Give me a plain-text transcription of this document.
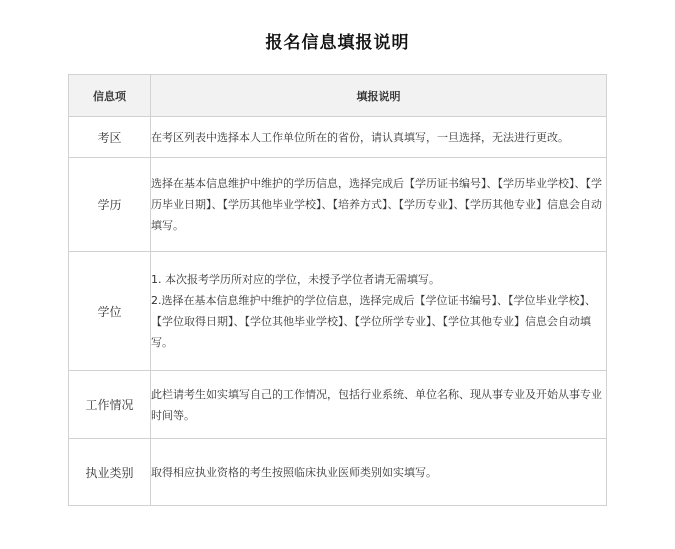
报名信息填报说明
信息项	填报说明
考区	在考区列表中选择本人工作单位所在的省份，请认真填写，一旦选择，无法进行更改。

学历	选择在基本信息维护中维护的学历信息，选择完成后【学历证书编号】、【学历毕业学校】、【学历毕业日期】、【学历其他毕业学校】、【培养方式】、【学历专业】、【学历其他专业】信息会自动填写。

学位	1. 本次报考学历所对应的学位，未授予学位者请无需填写。

2.选择在基本信息维护中维护的学位信息，选择完成后【学位证书编号】、【学位毕业学校】、【学位取得日期】、【学位其他毕业学校】、【学位所学专业】、【学位其他专业】信息会自动填写。

工作情况	此栏请考生如实填写自己的工作情况，包括行业系统、单位名称、现从事专业及开始从事专业时间等。

执业类别	取得相应执业资格的考生按照临床执业医师类别如实填写。
